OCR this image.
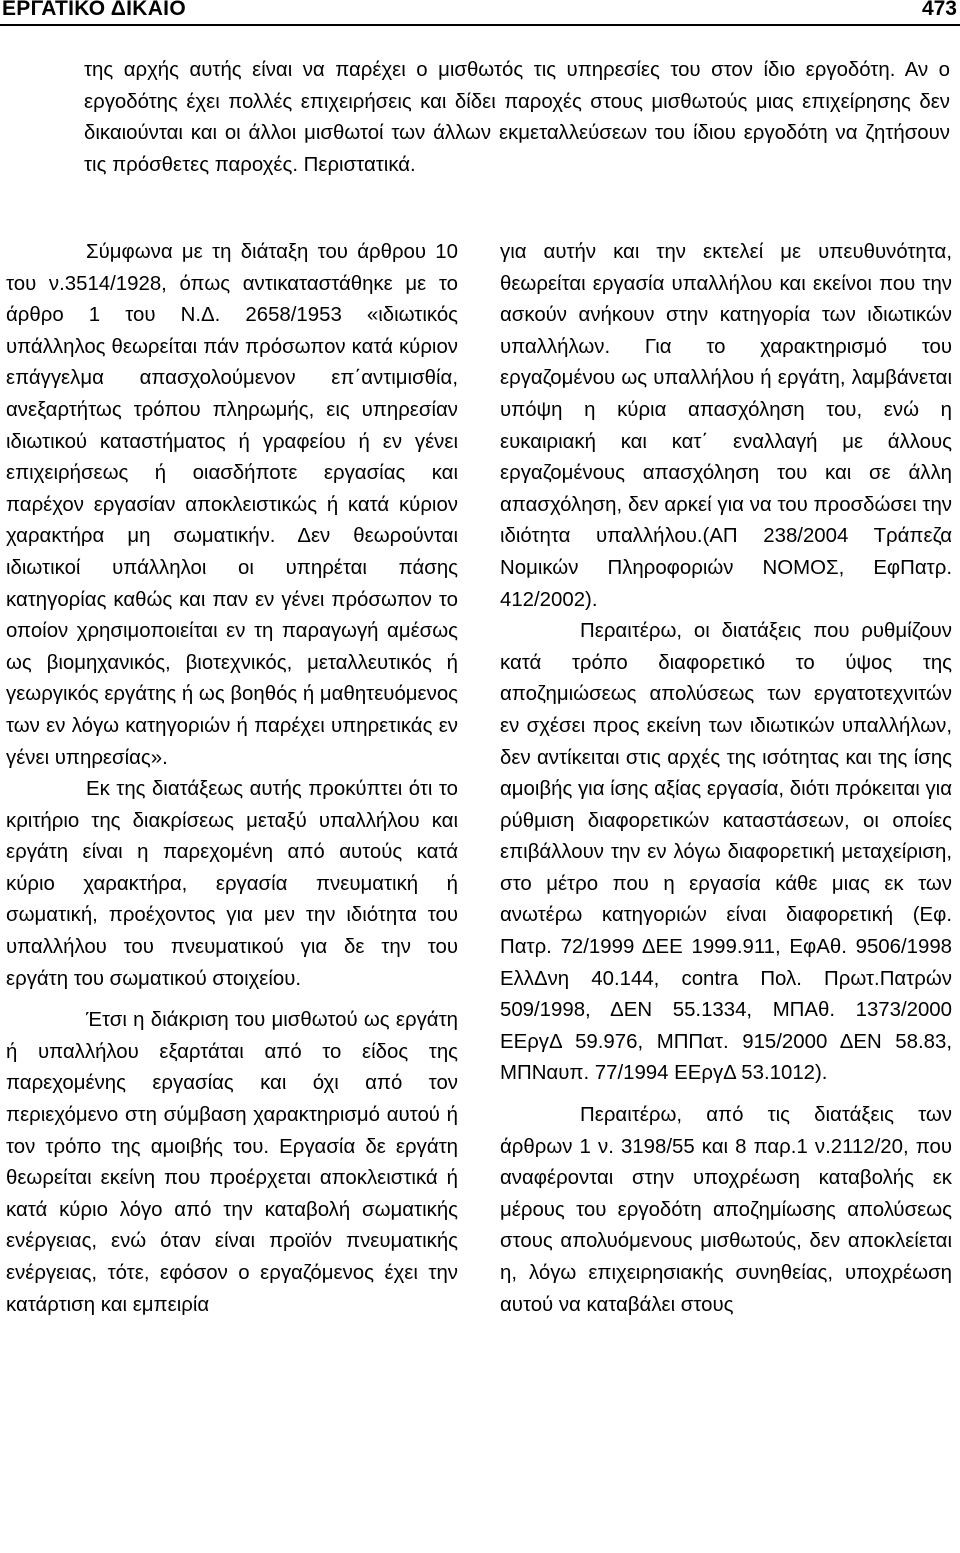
ΕΡΓΑΤΙΚΟ ΔΙΚΑΙΟ	473

της αρχής αυτής είναι να παρέχει ο μισθωτός τις υπηρεσίες του στον ίδιο εργοδότη. Αν ο εργοδότης έχει πολλές επιχειρήσεις και δίδει παροχές στους μισθωτούς μιας επιχείρησης δεν δικαιούνται και οι άλλοι μισθωτοί των άλλων εκμεταλλεύσεων του ίδιου εργοδότη να ζητήσουν τις πρόσθετες παροχές. Περιστατικά.

Σύμφωνα με τη διάταξη του άρθρου 10 του ν.3514/1928, όπως αντικαταστάθηκε με το άρθρο 1 του Ν.Δ. 2658/1953 «ιδιωτικός υπάλληλος θεωρείται πάν πρόσωπον κατά κύριον επάγγελμα απασχολούμενον επ΄αντιμισθία, ανεξαρτήτως τρόπου πληρωμής, εις υπηρεσίαν ιδιωτικού καταστήματος ή γραφείου ή εν γένει επιχειρήσεως ή οιασδήποτε εργασίας και παρέχον εργασίαν αποκλειστικώς ή κατά κύριον χαρακτήρα μη σωματικήν. Δεν θεωρούνται ιδιωτικοί υπάλληλοι οι υπηρέται πάσης κατηγορίας καθώς και παν εν γένει πρόσωπον το οποίον χρησιμοποιείται εν τη παραγωγή αμέσως ως βιομηχανικός, βιοτεχνικός, μεταλλευτικός ή γεωργικός εργάτης ή ως βοηθός ή μαθητευόμενος των εν λόγω κατηγοριών ή παρέχει υπηρετικάς εν γένει υπηρεσίας».

Εκ της διατάξεως αυτής προκύπτει ότι το κριτήριο της διακρίσεως μεταξύ υπαλλήλου και εργάτη είναι η παρεχομένη από αυτούς κατά κύριο χαρακτήρα, εργασία πνευματική ή σωματική, προέχοντος για μεν την ιδιότητα του υπαλλήλου του πνευματικού για δε την του εργάτη του σωματικού στοιχείου.

Έτσι η διάκριση του μισθωτού ως εργάτη ή υπαλλήλου εξαρτάται από το είδος της παρεχομένης εργασίας και όχι από τον περιεχόμενο στη σύμβαση χαρακτηρισμό αυτού ή τον τρόπο της αμοιβής του. Εργασία δε εργάτη θεωρείται εκείνη που προέρχεται αποκλειστικά ή κατά κύριο λόγο από την καταβολή σωματικής ενέργειας, ενώ όταν είναι προϊόν πνευματικής ενέργειας, τότε, εφόσον ο εργαζόμενος έχει την κατάρτιση και εμπειρία

για αυτήν και την εκτελεί με υπευθυνότητα, θεωρείται εργασία υπαλλήλου και εκείνοι που την ασκούν ανήκουν στην κατηγορία των ιδιωτικών υπαλλήλων. Για το χαρακτηρισμό του εργαζομένου ως υπαλλήλου ή εργάτη, λαμβάνεται υπόψη η κύρια απασχόληση του, ενώ η ευκαιριακή και κατ΄ εναλλαγή με άλλους εργαζομένους απασχόληση του και σε άλλη απασχόληση, δεν αρκεί για να του προσδώσει την ιδιότητα υπαλλήλου.(ΑΠ 238/2004 Τράπεζα Νομικών Πληροφοριών ΝΟΜΟΣ, ΕφΠατρ. 412/2002).

Περαιτέρω, οι διατάξεις που ρυθμίζουν κατά τρόπο διαφορετικό το ύψος της αποζημιώσεως απολύσεως των εργατοτεχνιτών εν σχέσει προς εκείνη των ιδιωτικών υπαλλήλων, δεν αντίκειται στις αρχές της ισότητας και της ίσης αμοιβής για ίσης αξίας εργασία, διότι πρόκειται για ρύθμιση διαφορετικών καταστάσεων, οι οποίες επιβάλλουν την εν λόγω διαφορετική μεταχείριση, στο μέτρο που η εργασία κάθε μιας εκ των ανωτέρω κατηγοριών είναι διαφορετική (Εφ. Πατρ. 72/1999 ΔΕΕ 1999.911, ΕφΑθ. 9506/1998 ΕλλΔνη 40.144, contra Πολ. Πρωτ.Πατρών 509/1998, ΔΕΝ 55.1334, ΜΠΑθ. 1373/2000 ΕΕργΔ 59.976, ΜΠΠατ. 915/2000 ΔΕΝ 58.83, ΜΠΝαυπ. 77/1994 ΕΕργΔ 53.1012).

Περαιτέρω, από τις διατάξεις των άρθρων 1 ν. 3198/55 και 8 παρ.1 ν.2112/20, που αναφέρονται στην υποχρέωση καταβολής εκ μέρους του εργοδότη αποζημίωσης απολύσεως στους απολυόμενους μισθωτούς, δεν αποκλείεται η, λόγω επιχειρησιακής συνηθείας, υποχρέωση αυτού να καταβάλει στους
